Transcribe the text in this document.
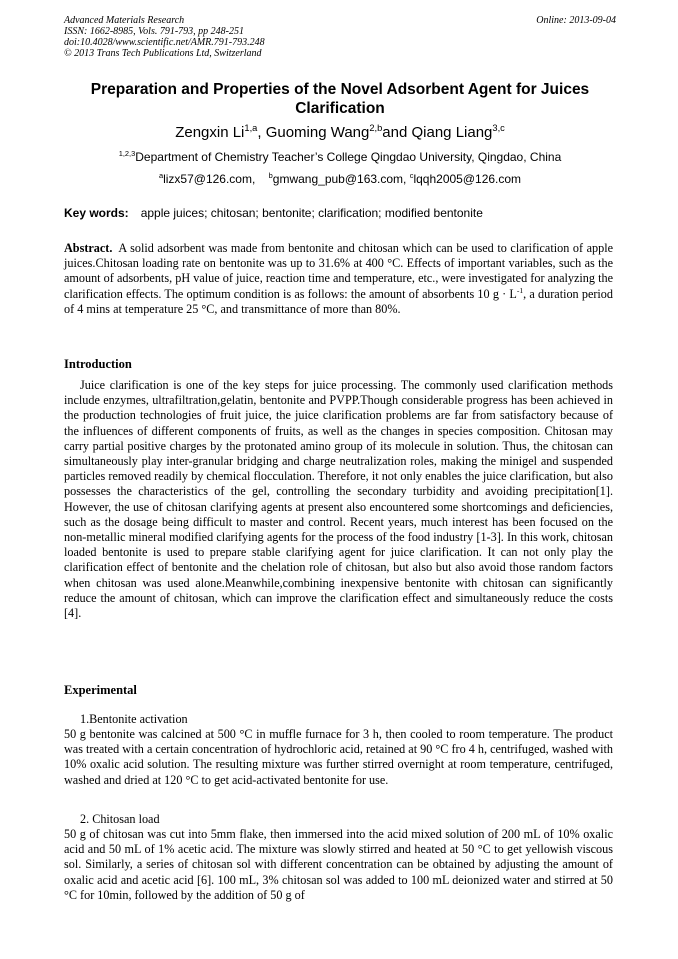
Advanced Materials Research
ISSN: 1662-8985, Vols. 791-793, pp 248-251
doi:10.4028/www.scientific.net/AMR.791-793.248
© 2013 Trans Tech Publications Ltd, Switzerland
Online: 2013-09-04
Preparation and Properties of the Novel Adsorbent Agent for Juices Clarification
Zengxin Li$^{1,a}$, Guoming Wang$^{2,b}$and Qiang Liang$^{3,c}$
$^{1,2,3}$Department of Chemistry Teacher’s College Qingdao University, Qingdao, China
$^a$lizx57@126.com, $^b$gmwang_pub@163.com, $^c$lqqh2005@126.com
Key words: apple juices; chitosan; bentonite; clarification; modified bentonite
Abstract. A solid adsorbent was made from bentonite and chitosan which can be used to clarification of apple juices.Chitosan loading rate on bentonite was up to 31.6% at 400 °C. Effects of important variables, such as the amount of adsorbents, pH value of juice, reaction time and temperature, etc., were investigated for analyzing the clarification effects. The optimum condition is as follows: the amount of absorbents 10 $g \cdot L^{-1}$, a duration period of 4 mins at temperature 25 °C, and transmittance of more than 80%.
Introduction
Juice clarification is one of the key steps for juice processing. The commonly used clarification methods include enzymes, ultrafiltration,gelatin, bentonite and PVPP.Though considerable progress has been achieved in the production technologies of fruit juice, the juice clarification problems are far from satisfactory because of the influences of different components of fruits, as well as the changes in species composition. Chitosan may carry partial positive charges by the protonated amino group of its molecule in solution. Thus, the chitosan can simultaneously play inter-granular bridging and charge neutralization roles, making the minigel and suspended particles removed readily by chemical flocculation. Therefore, it not only enables the juice clarification, but also possesses the characteristics of the gel, controlling the secondary turbidity and avoiding precipitation[1]. However, the use of chitosan clarifying agents at present also encountered some shortcomings and deficiencies, such as the dosage being difficult to master and control. Recent years, much interest has been focused on the non-metallic mineral modified clarifying agents for the process of the food industry [1-3]. In this work, chitosan loaded bentonite is used to prepare stable clarifying agent for juice clarification. It can not only play the clarification effect of bentonite and the chelation role of chitosan, but also but also avoid those random factors when chitosan was used alone.Meanwhile,combining inexpensive bentonite with chitosan can significantly reduce the amount of chitosan, which can improve the clarification effect and simultaneously reduce the costs [4].
Experimental
1.Bentonite activation
50 g bentonite was calcined at 500 °C in muffle furnace for 3 h, then cooled to room temperature. The product was treated with a certain concentration of hydrochloric acid, retained at 90 °C fro 4 h, centrifuged, washed with 10% oxalic acid solution. The resulting mixture was further stirred overnight at room temperature, centrifuged, washed and dried at 120 °C to get acid-activated bentonite for use.
2. Chitosan load
50 g of chitosan was cut into 5mm flake, then immersed into the acid mixed solution of 200 mL of 10% oxalic acid and 50 mL of 1% acetic acid. The mixture was slowly stirred and heated at 50 °C to get yellowish viscous sol. Similarly, a series of chitosan sol with different concentration can be obtained by adjusting the amount of oxalic acid and acetic acid [6]. 100 mL, 3% chitosan sol was added to 100 mL deionized water and stirred at 50 °C for 10min, followed by the addition of 50 g of
